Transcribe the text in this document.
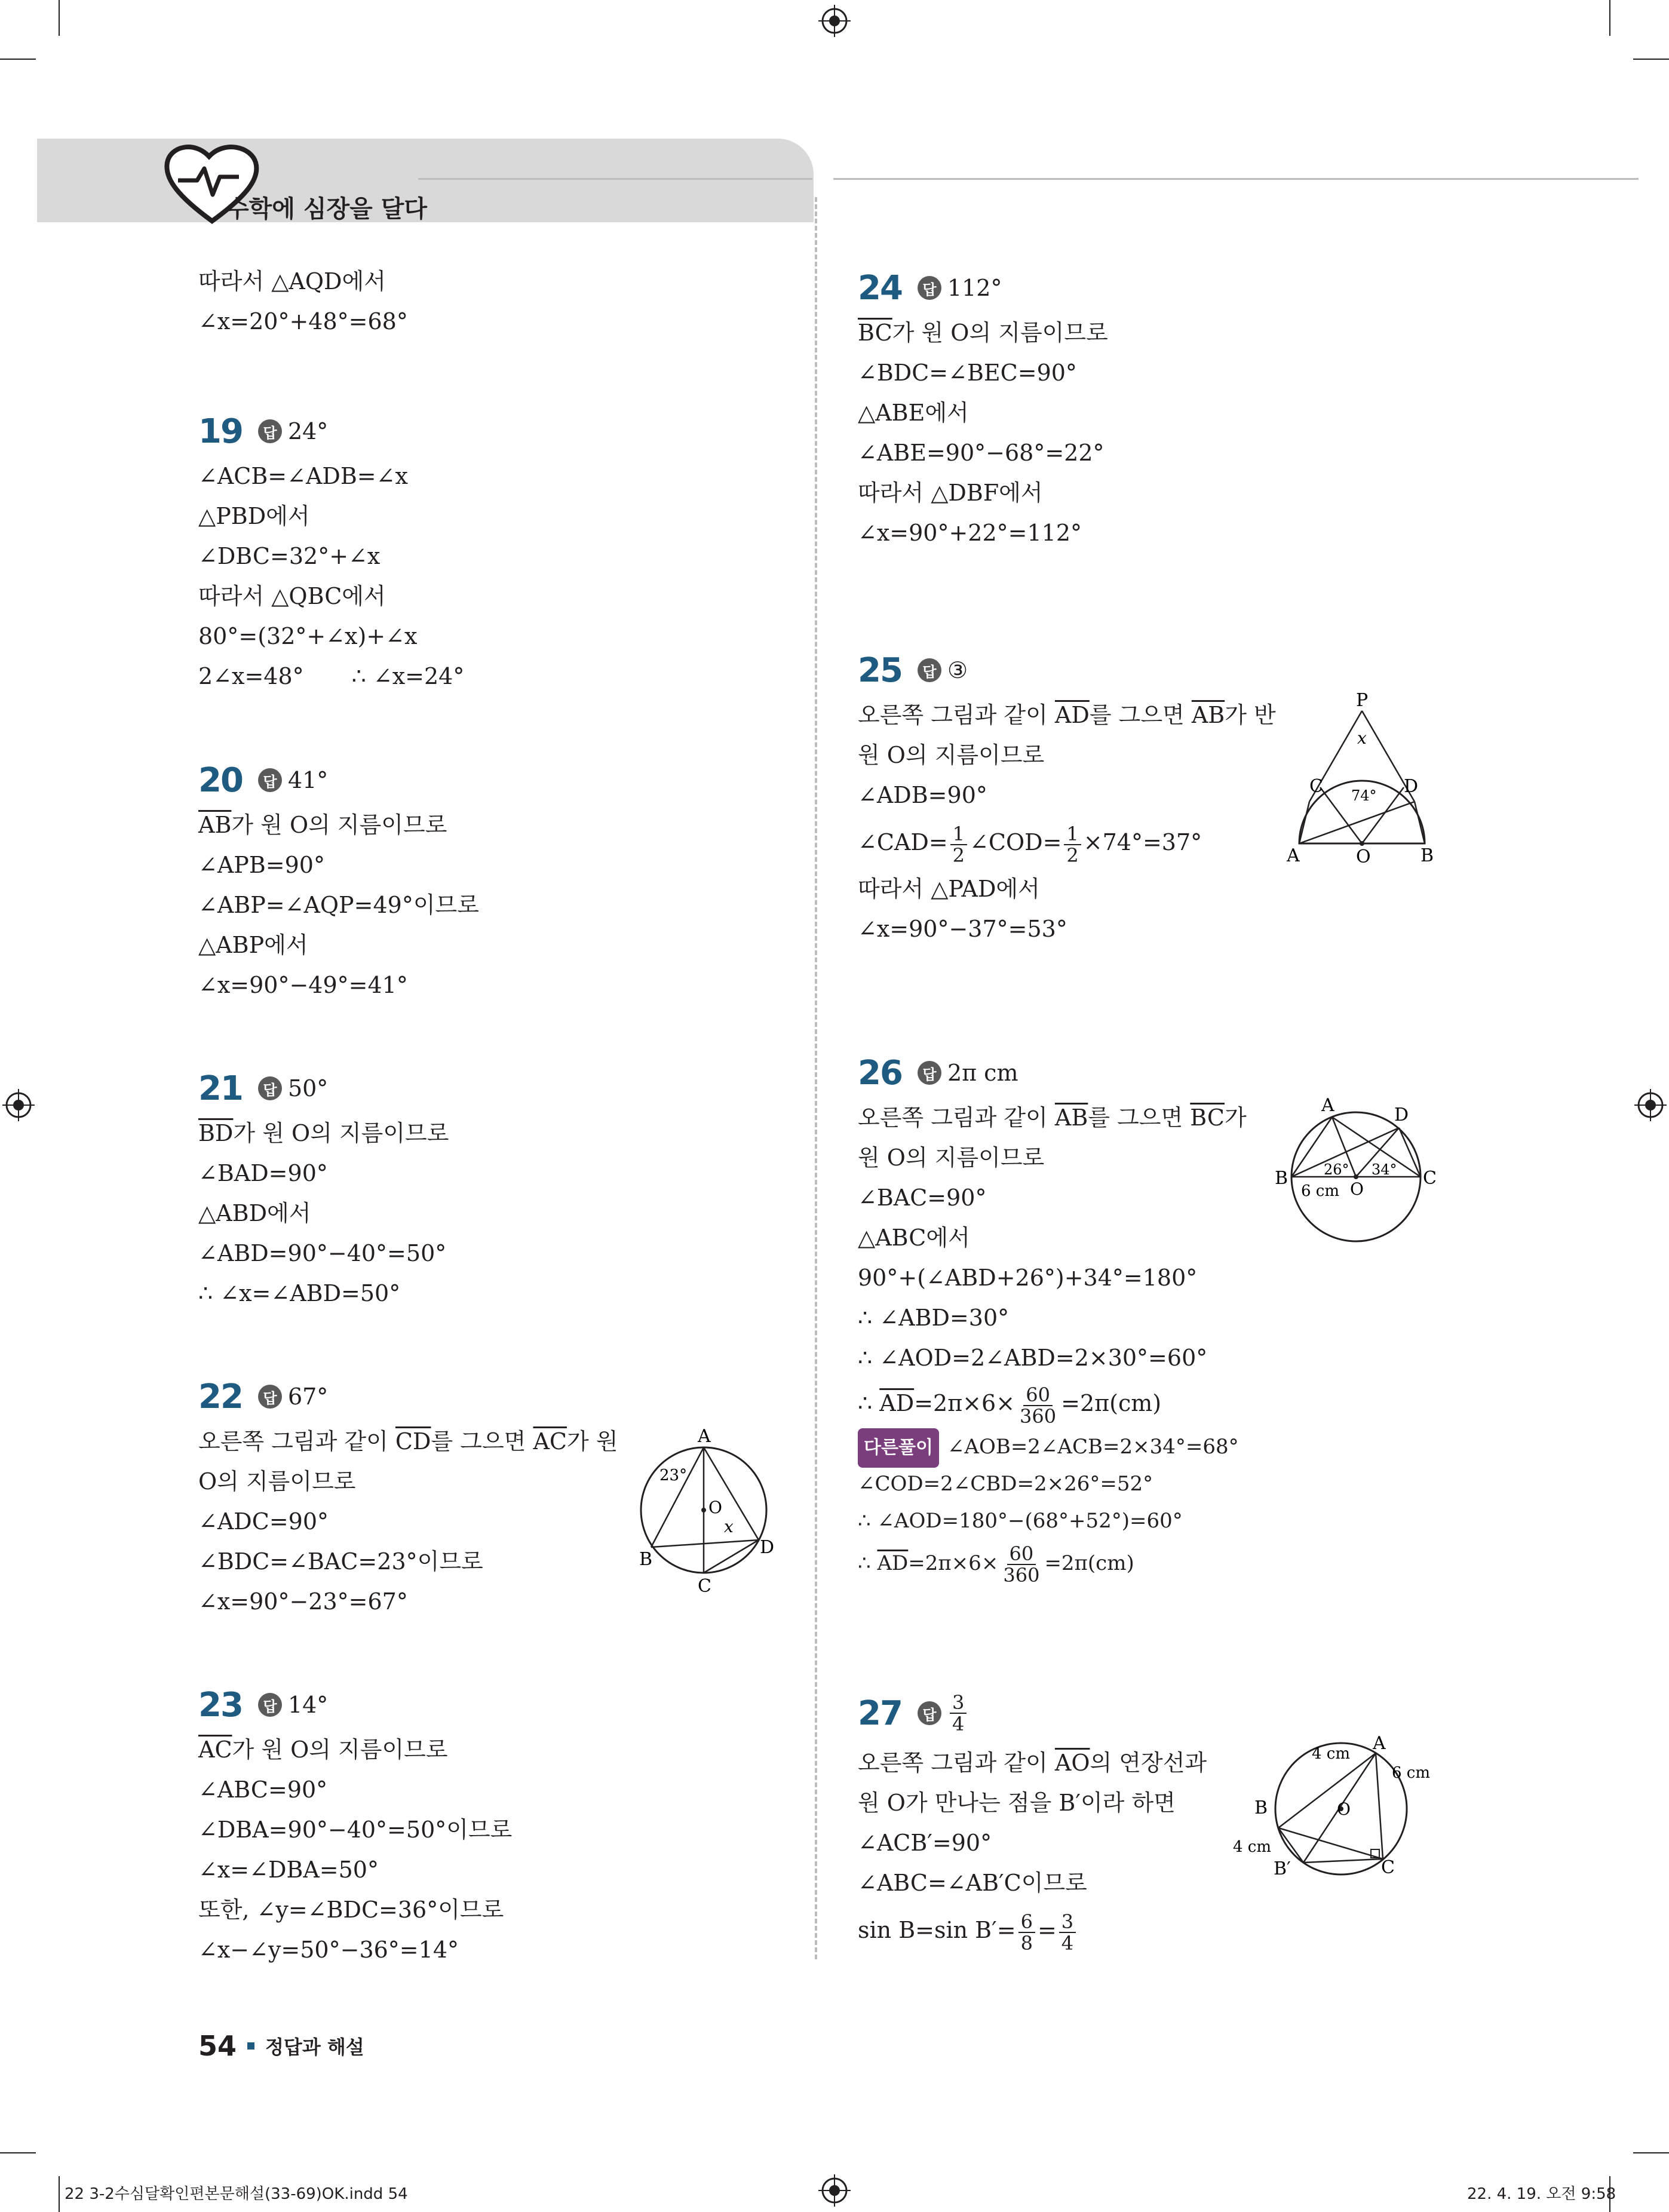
수학에 심장을 달다
따라서 △AQD에서
∠x=20°+48°=68°
19	답 24°
∠ACB=∠ADB=∠x
△PBD에서
∠DBC=32°+∠x
따라서 △QBC에서
80°=(32°+∠x)+∠x
2∠x=48° ∴ ∠x=24°
20	답 41°
$\overline{AB}$가 원 O의 지름이므로
∠APB=90°
∠ABP=∠AQP=49°이므로
△ABP에서
∠x=90°−49°=41°
21	답 50°
$\overline{BD}$가 원 O의 지름이므로
∠BAD=90°
△ABD에서
∠ABD=90°−40°=50°
∴ ∠x=∠ABD=50°
22	답 67°
오른쪽 그림과 같이 $\overline{CD}$를 그으면 $\overline{AC}$가 원
O의 지름이므로
∠ADC=90°
∠BDC=∠BAC=23°이므로
∠x=90°−23°=67°
A
B
C
D
O
23°
x
23	답 14°
$\overline{AC}$가 원 O의 지름이므로
∠ABC=90°
∠DBA=90°−40°=50°이므로
∠x=∠DBA=50°
또한, ∠y=∠BDC=36°이므로
∠x−∠y=50°−36°=14°
24	답 112°
$\overline{BC}$가 원 O의 지름이므로
∠BDC=∠BEC=90°
△ABE에서
∠ABE=90°−68°=22°
따라서 △DBF에서
∠x=90°+22°=112°
25	답 ③
오른쪽 그림과 같이 $\overline{AD}$를 그으면 $\overline{AB}$가 반
원 O의 지름이므로
∠ADB=90°
∠CAD= $\frac{1}{2}$ ∠COD= $\frac{1}{2} \times 74^\circ=37^\circ$
따라서 △PAD에서
∠x=90°−37°=53°
P
x
C	D
74°
A	O	B
26	답 2π cm
오른쪽 그림과 같이 $\overline{AB}$를 그으면 $\overline{BC}$가
원 O의 지름이므로
∠BAC=90°
△ABC에서
90°+(∠ABD+26°)+34°=180°
∴ ∠ABD=30°
∴ ∠AOD=2∠ABD=2×30°=60°
∴ $\overline{AD}=2\pi\times 6\times \frac{60}{360} =2\pi(cm)$
다른풀이 ∠AOB=2∠ACB=2×34°=68°
∠COD=2∠CBD=2×26°=52°
∴ ∠AOD=180°−(68°+52°)=60°
∴ $\overline{AD}=2\pi\times 6\times \frac{60}{360} =2\pi(cm)$
A	D
B	C
O
26° 34°
6 cm
27	답 $\frac{3}{4}$
오른쪽 그림과 같이 $\overline{AO}$의 연장선과
원 O가 만나는 점을 B′이라 하면
∠ACB′=90°
∠ABC=∠AB′C이므로
sin B=sin $B'= \frac{6}{8} = \frac{3}{4}$
A
4 cm
6 cm
B	O
4 cm
B′	C
54 정답과 해설
22 3-2수심달확인편본문해설(33-69)OK.indd 54	22. 4. 19. 오전 9:58
